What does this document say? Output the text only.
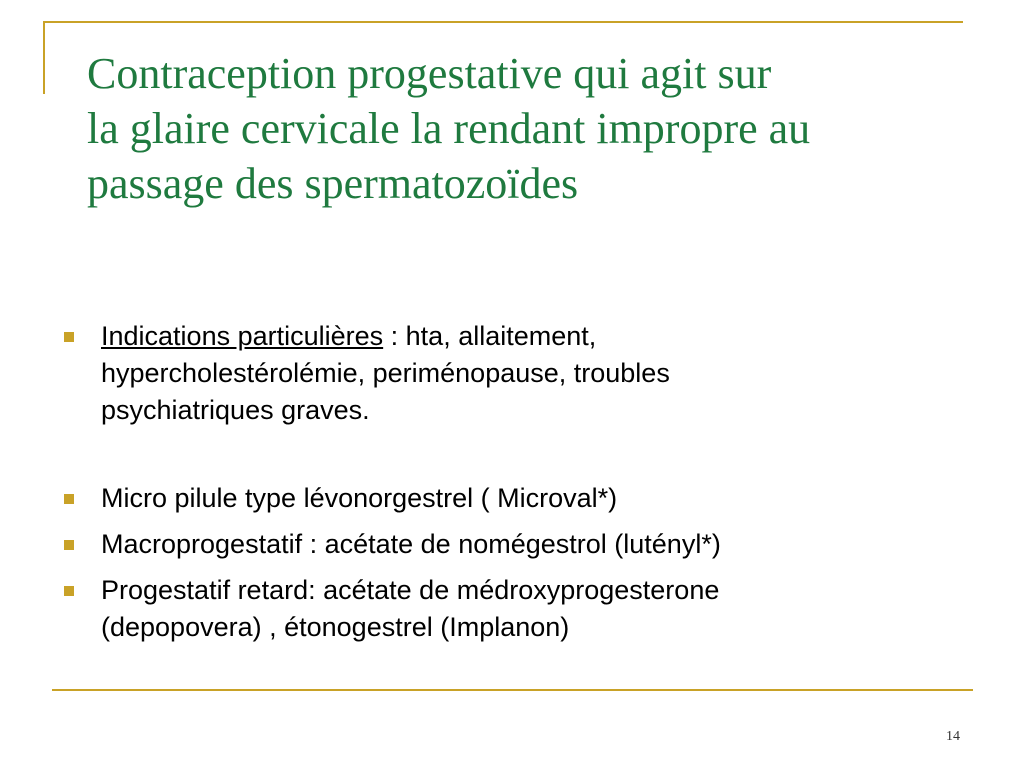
Contraception progestative qui agit sur
la glaire cervicale la rendant impropre au
passage des spermatozoïdes
Indications particulières : hta, allaitement,
hypercholestérolémie, periménopause, troubles
psychiatriques graves.
Micro pilule type lévonorgestrel ( Microval*)
Macroprogestatif : acétate de nomégestrol (lutényl*)
Progestatif retard: acétate de médroxyprogesterone
(depopovera) , étonogestrel (Implanon)
14
